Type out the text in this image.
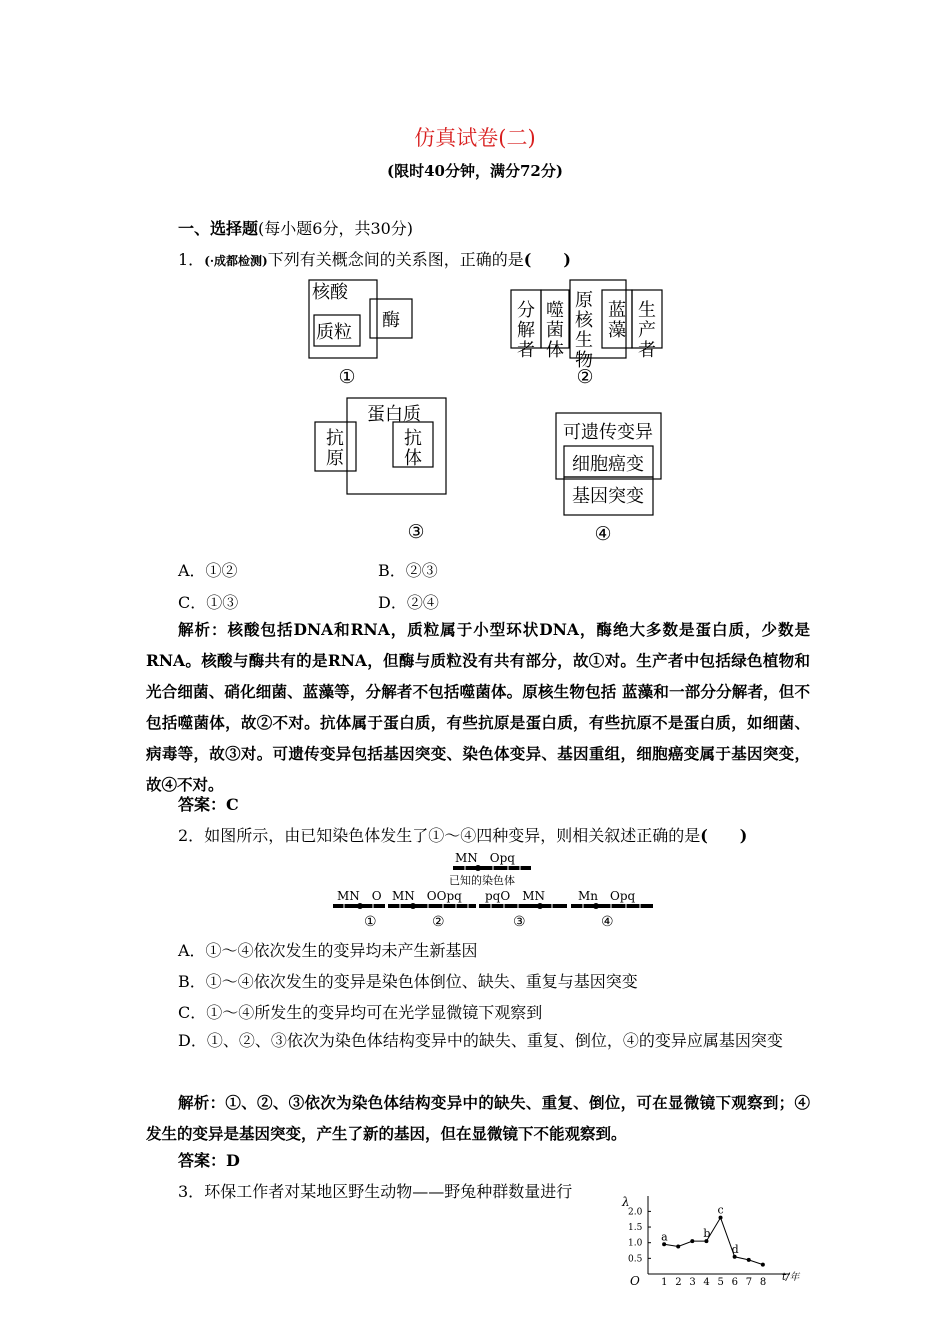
仿真试卷(二)
(限时40分钟，满分72分)
一、选择题(每小题6分，共30分)
1．(·成都检测)下列有关概念间的关系图，正确的是(　　)
核酸
质粒
酶
①
分解者
噬菌体
原核生物
蓝藻
生产者
②
蛋白质
抗原
抗体
③
可遗传变异
细胞癌变
基因突变
④
A．①②	B．②③
C．①③	D．②④
解析：核酸包括DNA和RNA，质粒属于小型环状DNA，酶绝大多数是蛋白质，少数是RNA。核酸与酶共有的是RNA，但酶与质粒没有共有部分，故①对。生产者中包括绿色植物和光合细菌、硝化细菌、蓝藻等，分解者不包括噬菌体。原核生物包括 蓝藻和一部分分解者，但不包括噬菌体，故②不对。抗体属于蛋白质，有些抗原是蛋白质，有些抗原不是蛋白质，如细菌、病毒等，故③对。可遗传变异包括基因突变、染色体变异、基因重组，细胞癌变属于基因突变，故④不对。
答案：C
2．如图所示，由已知染色体发生了①～④四种变异，则相关叙述正确的是(　　)
MN　Opq
已知的染色体
MN　O MN　OOpq pqO　MN	Mn　Opq
①	②	③	④
A．①～④依次发生的变异均未产生新基因
B．①～④依次发生的变异是染色体倒位、缺失、重复与基因突变
C．①～④所发生的变异均可在光学显微镜下观察到
D．①、②、③依次为染色体结构变异中的缺失、重复、倒位，④的变异应属基因突变
解析：①、②、③依次为染色体结构变异中的缺失、重复、倒位，可在显微镜下观察到；④发生的变异是基因突变，产生了新的基因，但在显微镜下不能观察到。
答案：D
3．环保工作者对某地区野生动物——野兔种群数量进行
λ
t/年
O 1 2 3 4 5 6 7 8
0.5
1.0
1.5
2.0
a	b
c
d
